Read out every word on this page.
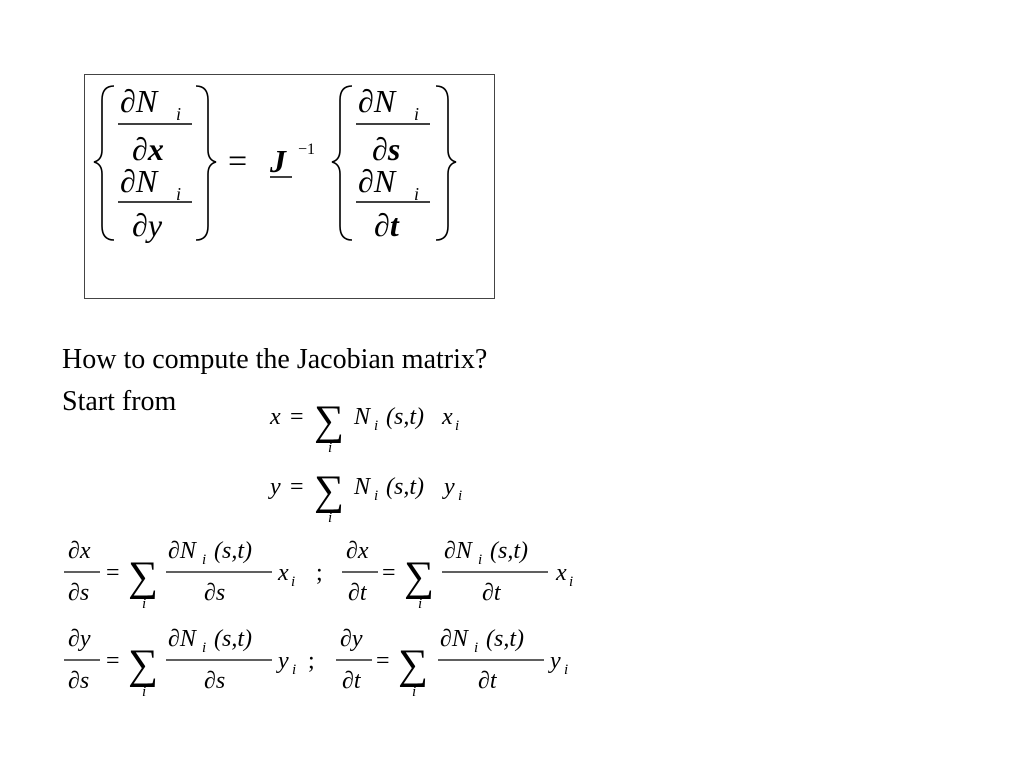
∂N i
∂x
∂N i
∂y
= J −1
∂N i
∂s
∂N i
∂t
x = ∑
i
N i (s,t) x i
y = ∑
i
N i (s,t) y i
∂x
∂s
= ∑
i
∂N i (s,t)
∂s
x i ;
∂x
∂t
= ∑
i
∂N i (s,t)
∂t
x i
∂y
∂s
= ∑
i
∂N i (s,t)
∂s
y i ;
∂y
∂t
= ∑
i
∂N i (s,t)
∂t
y i
How to compute the Jacobian matrix?
Start from
